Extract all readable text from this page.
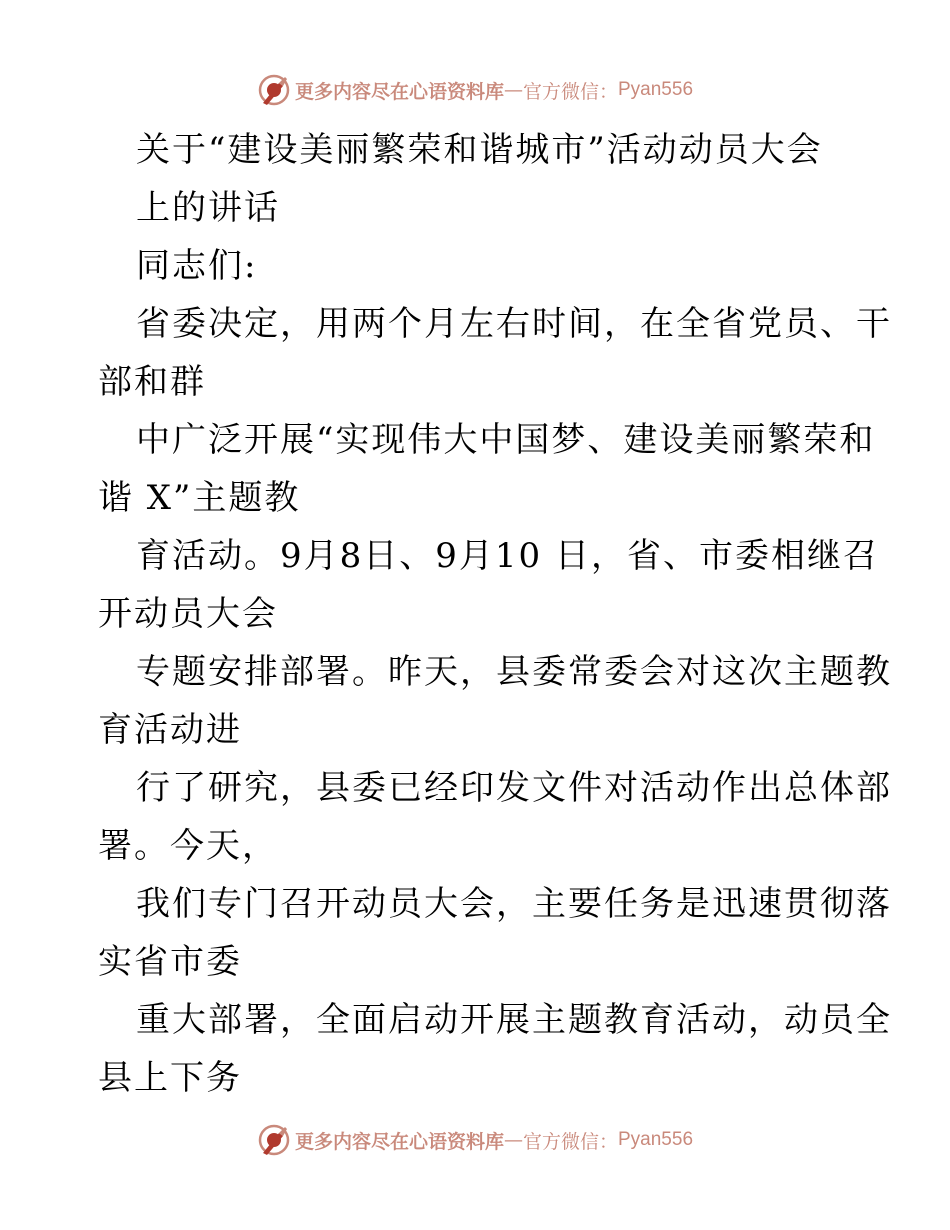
更多内容尽在心语资料库 — 官方微信： Pyan556
关于“建设美丽繁荣和谐城市”活动动员大会
上的讲话
同志们:
省委决定，用两个月左右时间，在全省党员、干
部和群
中广泛开展“实现伟大中国梦、建设美丽繁荣和
谐 X”主题教
育活动。9月8日、9月10 日，省、市委相继召
开动员大会
专题安排部署。昨天，县委常委会对这次主题教
育活动进
行了研究，县委已经印发文件对活动作出总体部
署。今天，
我们专门召开动员大会，主要任务是迅速贯彻落
实省市委
重大部署，全面启动开展主题教育活动，动员全
县上下务
更多内容尽在心语资料库 — 官方微信： Pyan556
